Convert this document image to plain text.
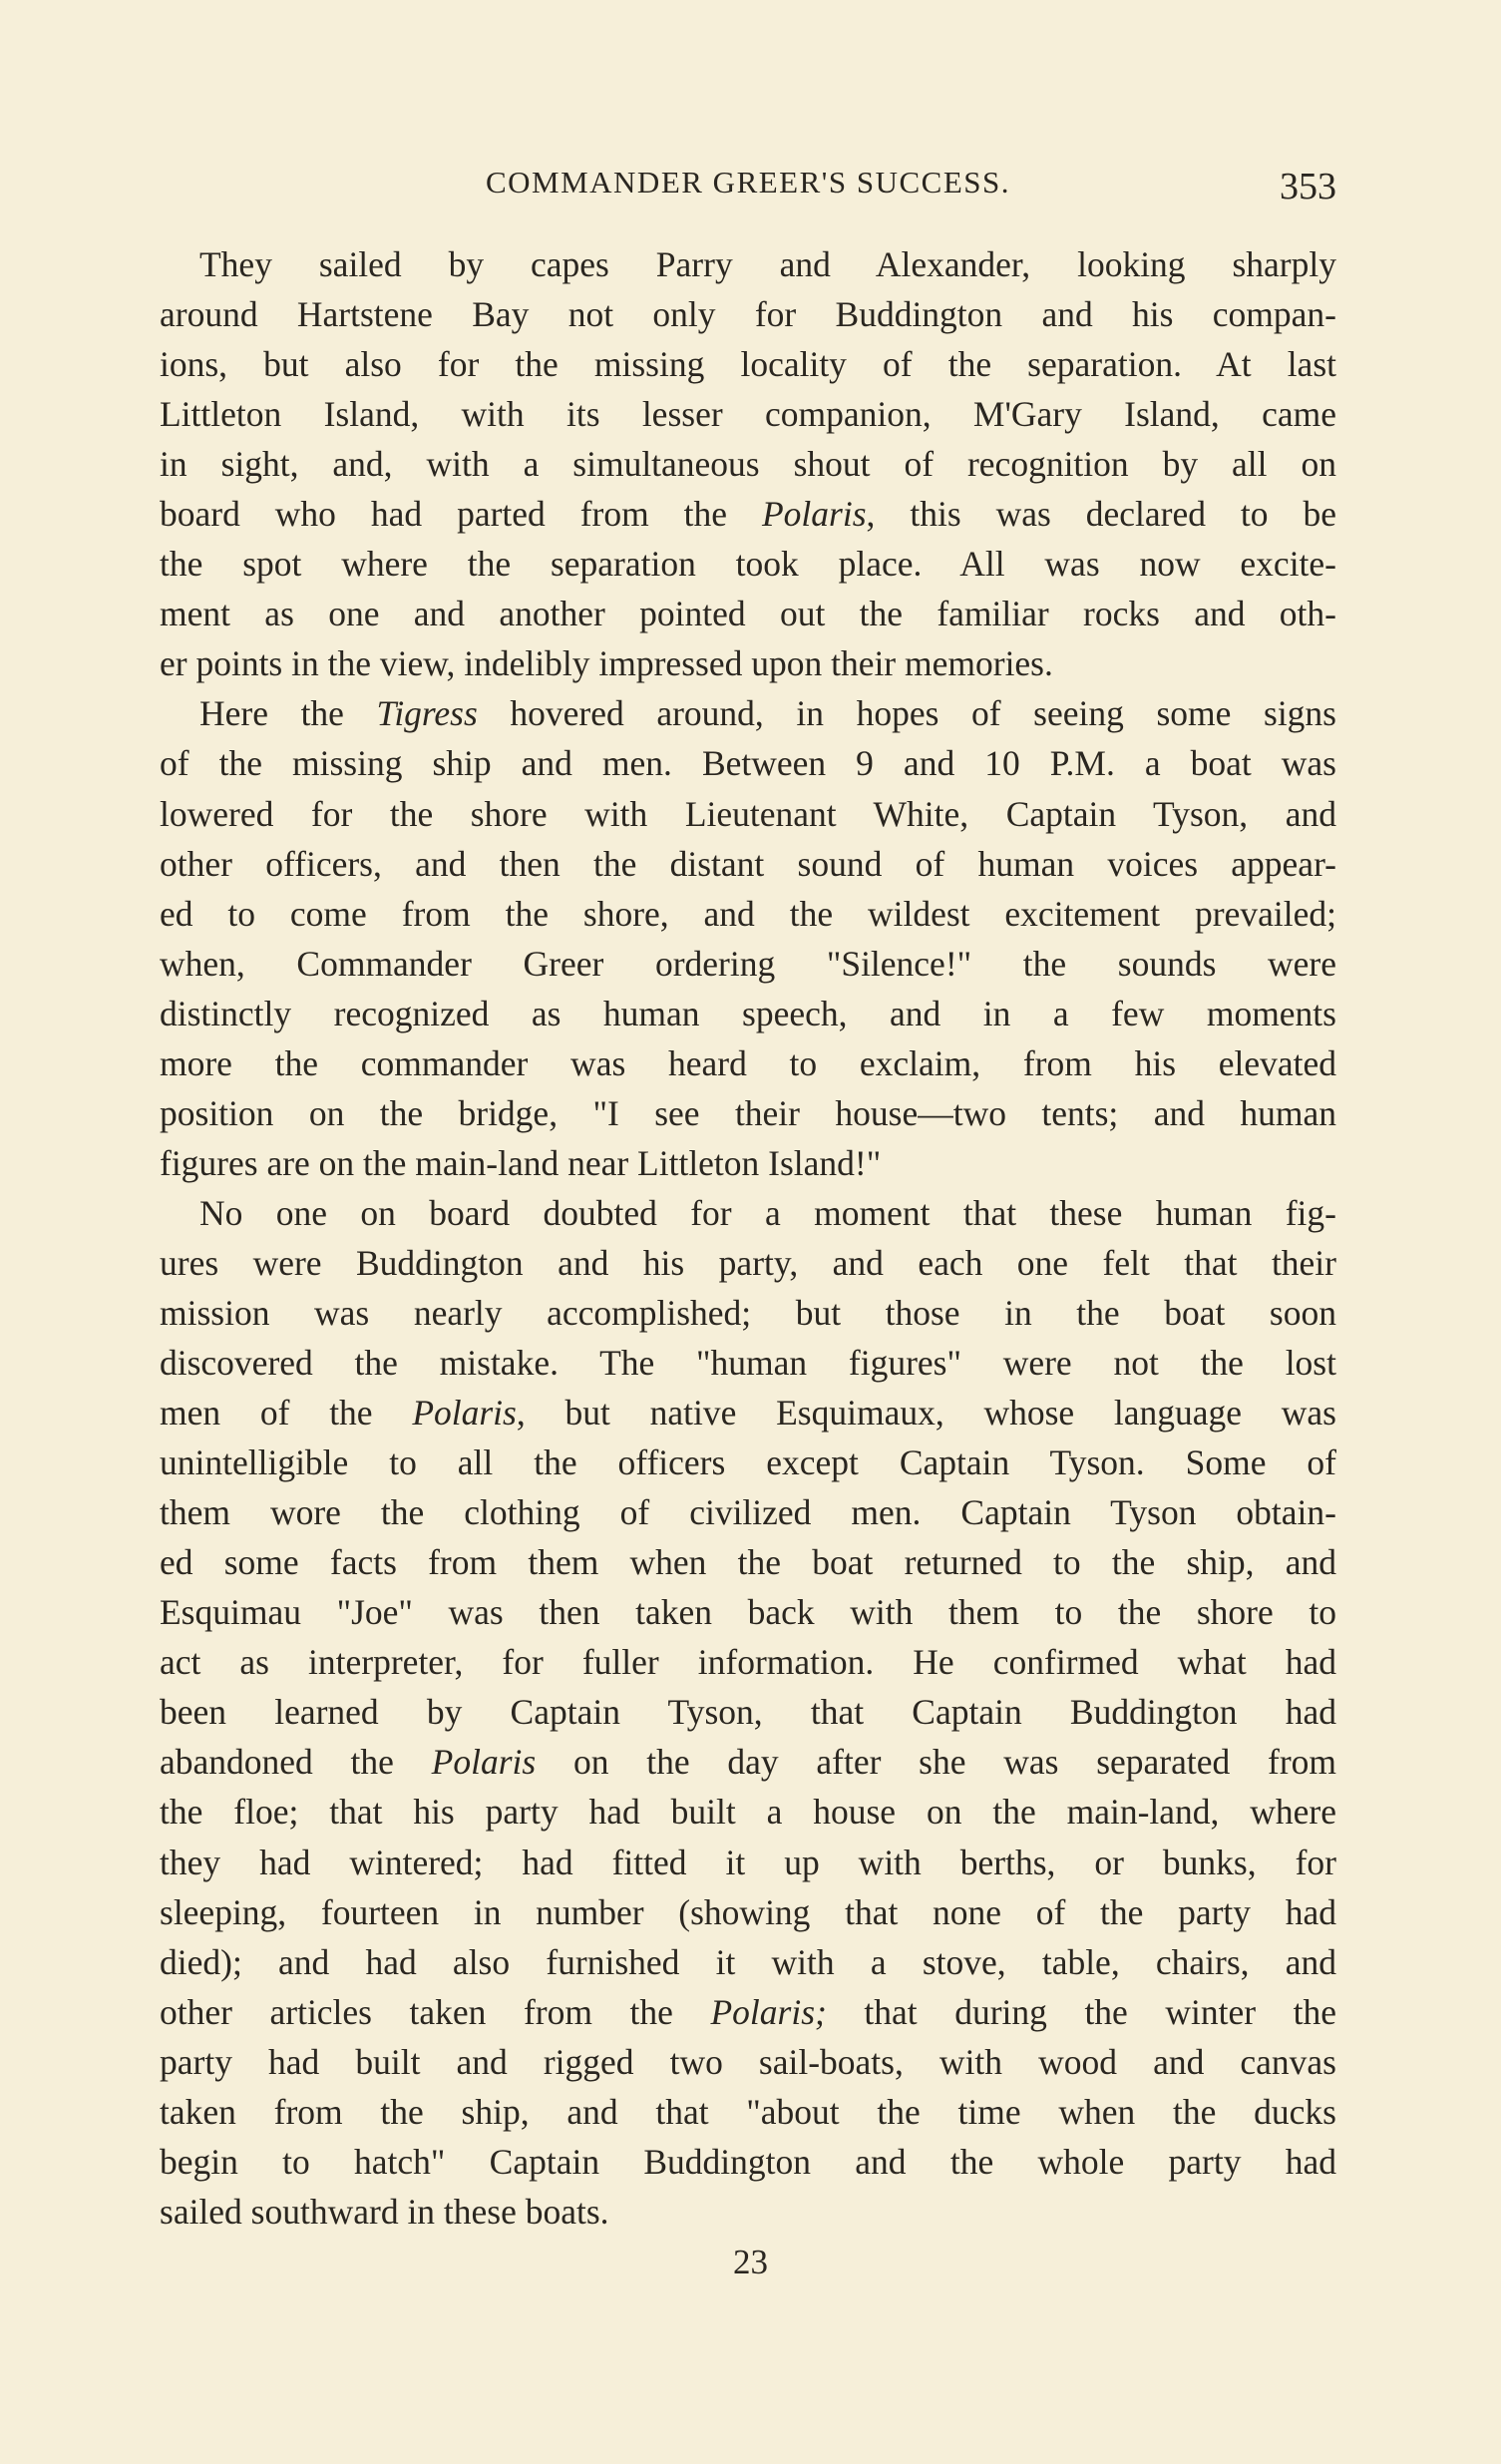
COMMANDER GREER'S SUCCESS.	353
They sailed by capes Parry and Alexander, looking sharply
around Hartstene Bay not only for Buddington and his compan-
ions, but also for the missing locality of the separation. At last
Littleton Island, with its lesser companion, M'Gary Island, came
in sight, and, with a simultaneous shout of recognition by all on
board who had parted from the Polaris, this was declared to be
the spot where the separation took place. All was now excite-
ment as one and another pointed out the familiar rocks and oth-
er points in the view, indelibly impressed upon their memories.
Here the Tigress hovered around, in hopes of seeing some signs
of the missing ship and men. Between 9 and 10 P.M. a boat was
lowered for the shore with Lieutenant White, Captain Tyson, and
other officers, and then the distant sound of human voices appear-
ed to come from the shore, and the wildest excitement prevailed;
when, Commander Greer ordering "Silence!" the sounds were
distinctly recognized as human speech, and in a few moments
more the commander was heard to exclaim, from his elevated
position on the bridge, "I see their house—two tents; and human
figures are on the main-land near Littleton Island!"
No one on board doubted for a moment that these human fig-
ures were Buddington and his party, and each one felt that their
mission was nearly accomplished; but those in the boat soon
discovered the mistake. The "human figures" were not the lost
men of the Polaris, but native Esquimaux, whose language was
unintelligible to all the officers except Captain Tyson. Some of
them wore the clothing of civilized men. Captain Tyson obtain-
ed some facts from them when the boat returned to the ship, and
Esquimau "Joe" was then taken back with them to the shore to
act as interpreter, for fuller information. He confirmed what had
been learned by Captain Tyson, that Captain Buddington had
abandoned the Polaris on the day after she was separated from
the floe; that his party had built a house on the main-land, where
they had wintered; had fitted it up with berths, or bunks, for
sleeping, fourteen in number (showing that none of the party had
died); and had also furnished it with a stove, table, chairs, and
other articles taken from the Polaris; that during the winter the
party had built and rigged two sail-boats, with wood and canvas
taken from the ship, and that "about the time when the ducks
begin to hatch" Captain Buddington and the whole party had
sailed southward in these boats.
23
